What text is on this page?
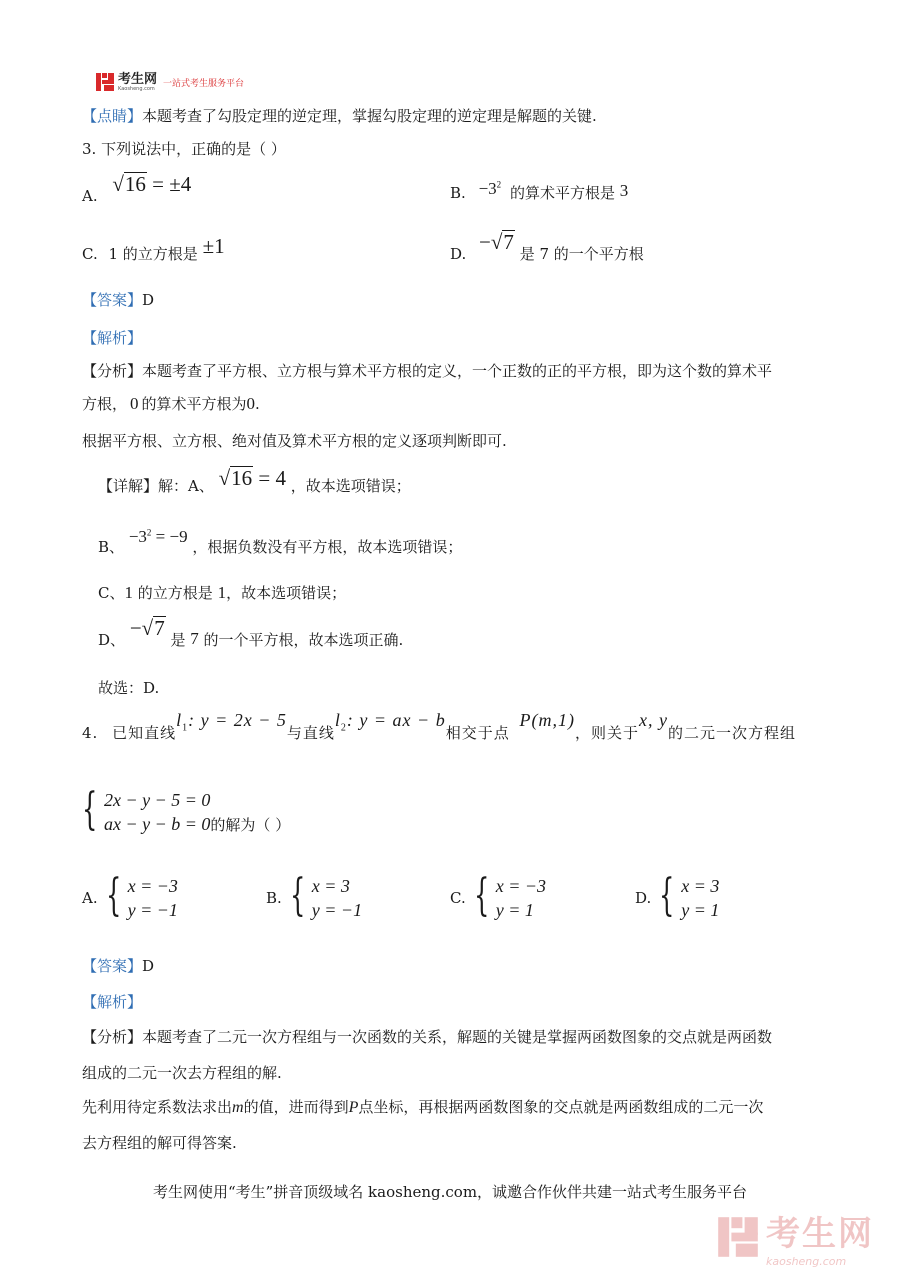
考生网
Kaosheng.com 一站式考生服务平台
【点睛】本题考查了勾股定理的逆定理，掌握勾股定理的逆定理是解题的关键.
3. 下列说法中，正确的是（ ）
A. √16 = ±4	B. $-3^2$ 的算术平方根是 3
C. 1 的立方根是 ±1	D. −√7 是 7 的一个平方根
【答案】D
【解析】
【分析】本题考查了平方根、立方根与算术平方根的定义，一个正数的正的平方根，即为这个数的算术平
方根， 0 的算术平方根为0.
根据平方根、立方根、绝对值及算术平方根的定义逐项判断即可.
【详解】解：A、 √16 = 4 ，故本选项错误；
B、 $-3^2 = -9$ ，根据负数没有平方根，故本选项错误；
C、1 的立方根是 1，故本选项错误；
D、 −√7 是 7 的一个平方根，故本选项正确.
故选：D.
4. 已知直线$l_1$: y = 2x − 5与直线$l_2$: y = ax − b相交于点 P(m,1)，则关于x, y的二元一次方程组
{ 2x − y − 5 = 0
ax − y − b = 0的解为（ ）
A. { x = −3
y = −1
B. { x = 3
y = −1
C. { x = −3
y = 1
D. { x = 3
y = 1
【答案】D
【解析】
【分析】本题考查了二元一次方程组与一次函数的关系，解题的关键是掌握两函数图象的交点就是两函数
组成的二元一次去方程组的解.
先利用待定系数法求出m的值，进而得到P点坐标，再根据两函数图象的交点就是两函数组成的二元一次
去方程组的解可得答案.
考生网使用“考生”拼音顶级域名 kaosheng.com，诚邀合作伙伴共建一站式考生服务平台
考生网
kaosheng.com
